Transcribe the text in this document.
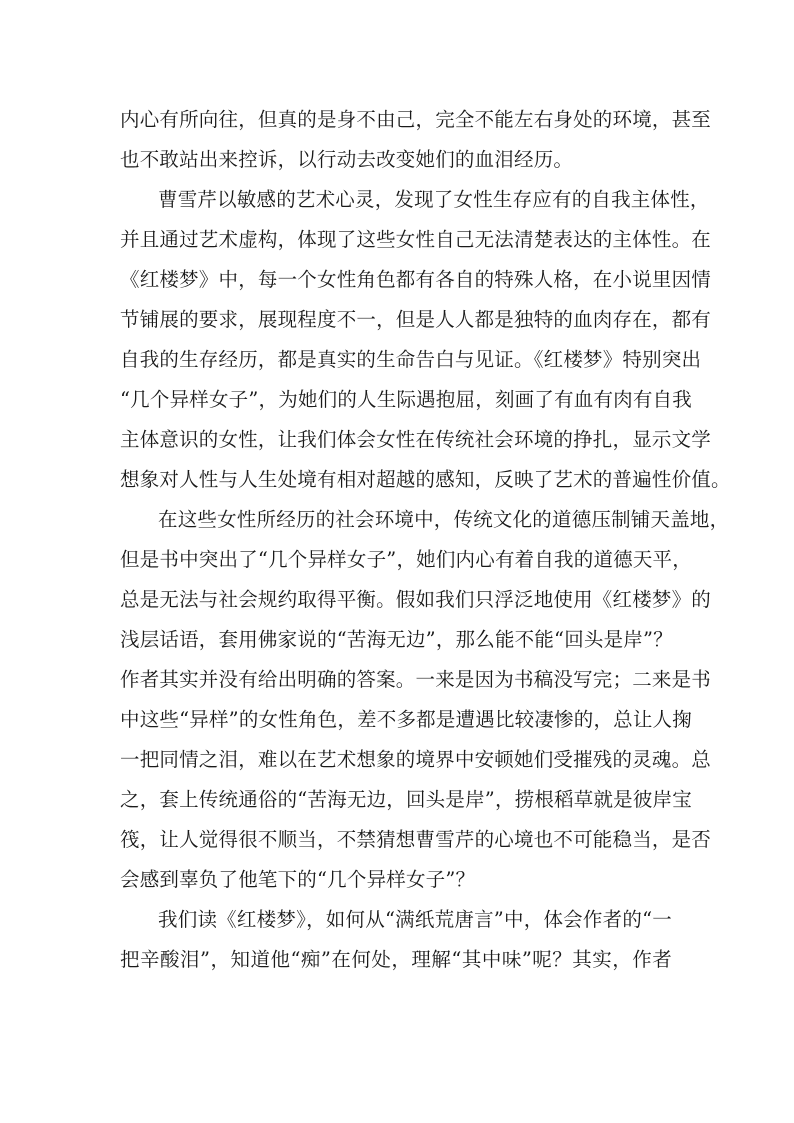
内心有所向往，但真的是身不由己，完全不能左右身处的环境，甚至
也不敢站出来控诉，以行动去改变她们的血泪经历。
曹雪芹以敏感的艺术心灵，发现了女性生存应有的自我主体性，
并且通过艺术虚构，体现了这些女性自己无法清楚表达的主体性。在
《红楼梦》中，每一个女性角色都有各自的特殊人格，在小说里因情
节铺展的要求，展现程度不一，但是人人都是独特的血肉存在，都有
自我的生存经历，都是真实的生命告白与见证。《红楼梦》特别突出
“几个异样女子”，为她们的人生际遇抱屈，刻画了有血有肉有自我
主体意识的女性，让我们体会女性在传统社会环境的挣扎，显示文学
想象对人性与人生处境有相对超越的感知，反映了艺术的普遍性价值。
在这些女性所经历的社会环境中，传统文化的道德压制铺天盖地，
但是书中突出了“几个异样女子”，她们内心有着自我的道德天平，
总是无法与社会规约取得平衡。假如我们只浮泛地使用《红楼梦》的
浅层话语，套用佛家说的“苦海无边”，那么能不能“回头是岸”？
作者其实并没有给出明确的答案。一来是因为书稿没写完；二来是书
中这些“异样”的女性角色，差不多都是遭遇比较凄惨的，总让人掬
一把同情之泪，难以在艺术想象的境界中安顿她们受摧残的灵魂。总
之，套上传统通俗的“苦海无边，回头是岸”，捞根稻草就是彼岸宝
筏，让人觉得很不顺当，不禁猜想曹雪芹的心境也不可能稳当，是否
会感到辜负了他笔下的“几个异样女子”？
我们读《红楼梦》，如何从“满纸荒唐言”中，体会作者的“一
把辛酸泪”，知道他“痴”在何处，理解“其中味”呢？其实，作者
